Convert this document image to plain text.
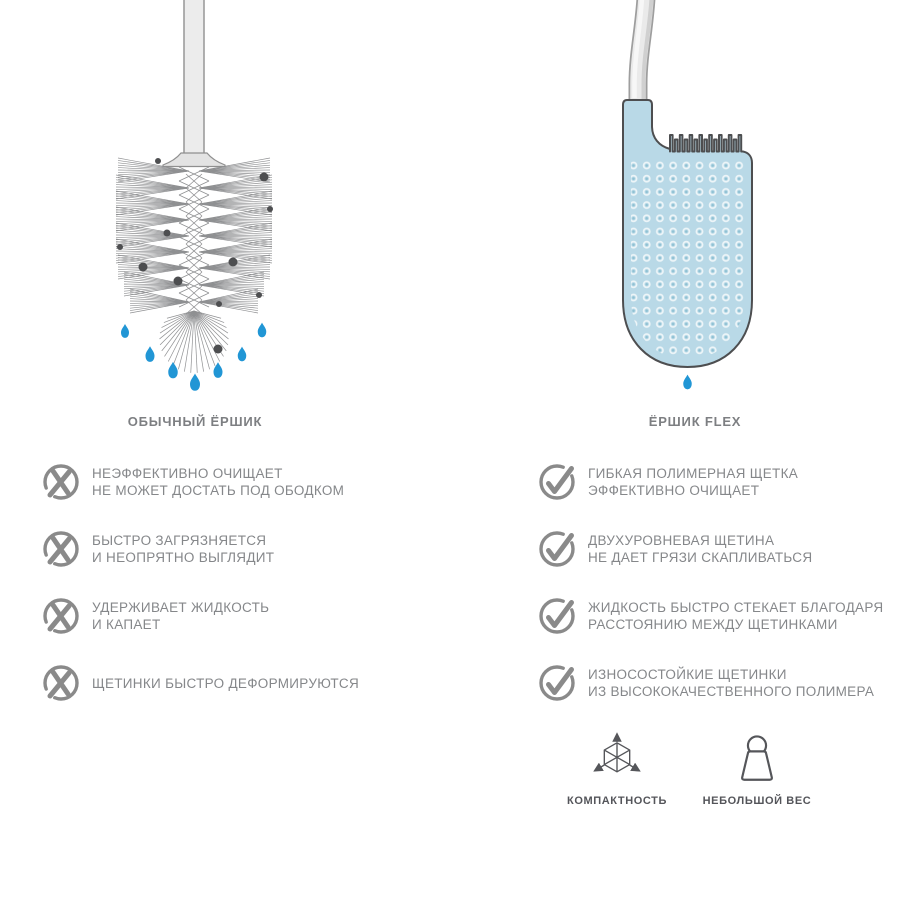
ОБЫЧНЫЙ ЁРШИК	ЁРШИК FLEX
НЕЭФФЕКТИВНО ОЧИЩАЕТ
НЕ МОЖЕТ ДОСТАТЬ ПОД ОБОДКОМ
БЫСТРО ЗАГРЯЗНЯЕТСЯ
И НЕОПРЯТНО ВЫГЛЯДИТ
УДЕРЖИВАЕТ ЖИДКОСТЬ
И КАПАЕТ
ЩЕТИНКИ БЫСТРО ДЕФОРМИРУЮТСЯ
ГИБКАЯ ПОЛИМЕРНАЯ ЩЕТКА
ЭФФЕКТИВНО ОЧИЩАЕТ
ДВУХУРОВНЕВАЯ ЩЕТИНА
НЕ ДАЕТ ГРЯЗИ СКАПЛИВАТЬСЯ
ЖИДКОСТЬ БЫСТРО СТЕКАЕТ БЛАГОДАРЯ
РАССТОЯНИЮ МЕЖДУ ЩЕТИНКАМИ
ИЗНОСОСТОЙКИЕ ЩЕТИНКИ
ИЗ ВЫСОКОКАЧЕСТВЕННОГО ПОЛИМЕРА
КОМПАКТНОСТЬ	НЕБОЛЬШОЙ ВЕС
